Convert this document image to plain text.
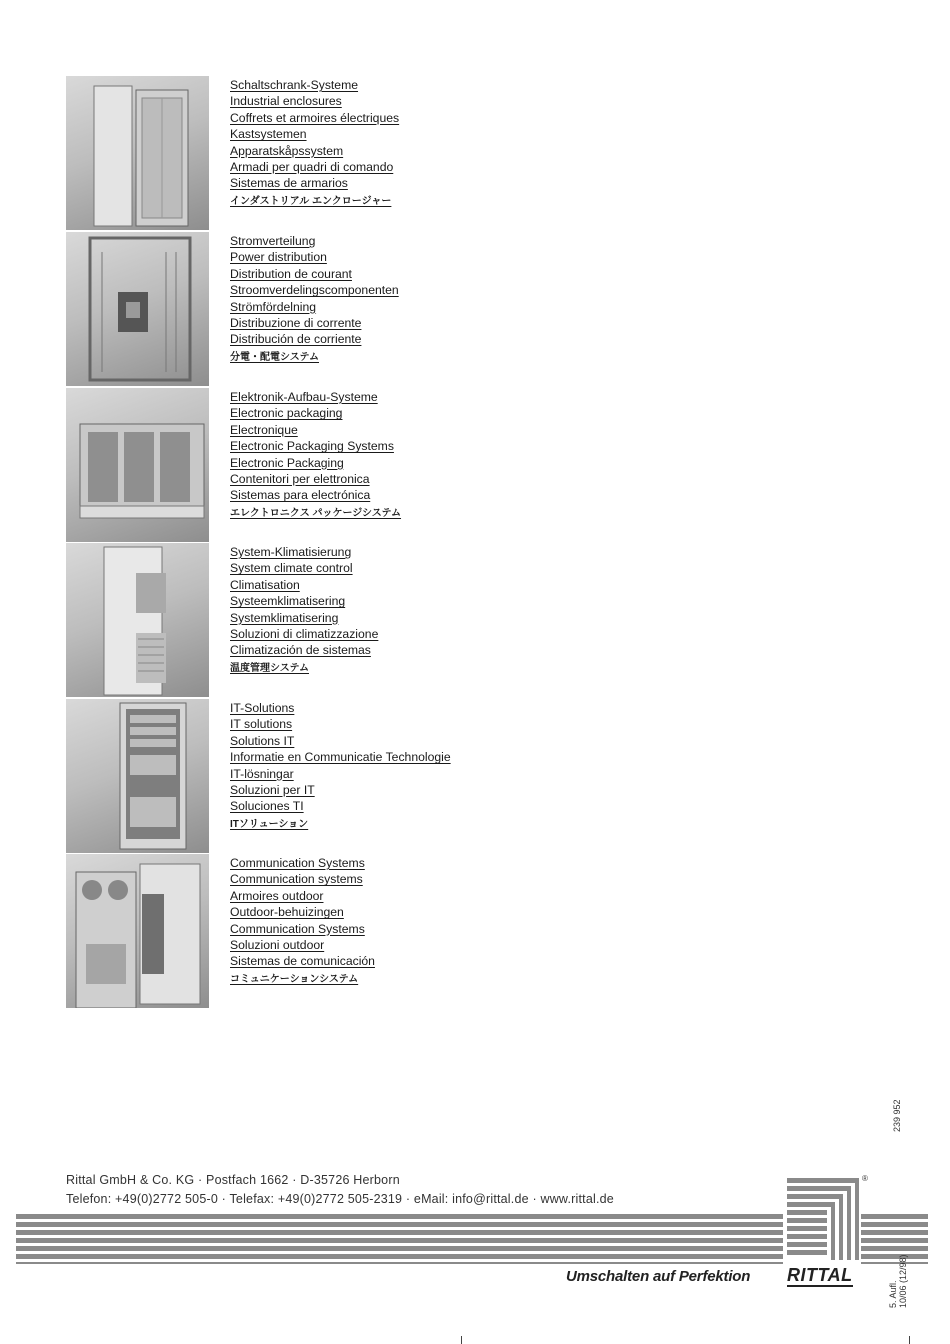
Schaltschrank-Systeme
Industrial enclosures
Coffrets et armoires électriques
Kastsystemen
Apparatskåpssystem
Armadi per quadri di comando
Sistemas de armarios
インダストリアル エンクロージャー
Stromverteilung
Power distribution
Distribution de courant
Stroomverdelingscomponenten
Strömfördelning
Distribuzione di corrente
Distribución de corriente
分電・配電システム
Elektronik-Aufbau-Systeme
Electronic packaging
Electronique
Electronic Packaging Systems
Electronic Packaging
Contenitori per elettronica
Sistemas para electrónica
エレクトロニクス パッケージシステム
System-Klimatisierung
System climate control
Climatisation
Systeemklimatisering
Systemklimatisering
Soluzioni di climatizzazione
Climatización de sistemas
温度管理システム
IT-Solutions
IT solutions
Solutions IT
Informatie en Communicatie Technologie
IT-lösningar
Soluzioni per IT
Soluciones TI
ITソリューション
Communication Systems
Communication systems
Armoires outdoor
Outdoor-behuizingen
Communication Systems
Soluzioni outdoor
Sistemas de comunicación
コミュニケーションシステム
239 952
Rittal GmbH & Co. KG · Postfach 1662 · D-35726 Herborn
Telefon: +49(0)2772 505-0 · Telefax: +49(0)2772 505-2319 · eMail: info@rittal.de · www.rittal.de
®
Umschalten auf Perfektion RITTAL
5. Aufl. 10/06 (12/98)
